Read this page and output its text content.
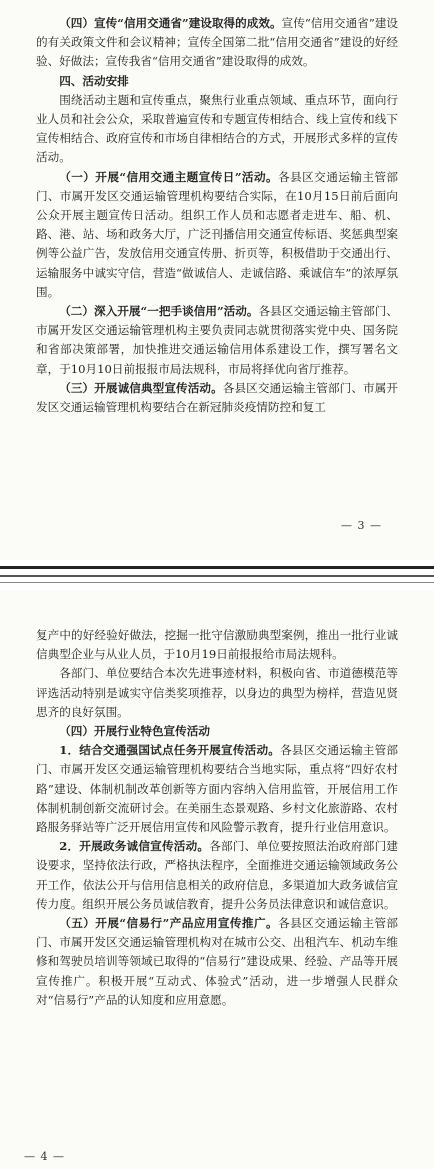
（四）宣传“信用交通省”建设取得的成效。宣传“信用交通省”建设的有关政策文件和会议精神；宣传全国第二批“信用交通省”建设的好经验、好做法；宣传我省“信用交通省”建设取得的成效。

四、活动安排

围绕活动主题和宣传重点，聚焦行业重点领域、重点环节，面向行业人员和社会公众，采取普遍宣传和专题宣传相结合、线上宣传和线下宣传相结合、政府宣传和市场自律相结合的方式，开展形式多样的宣传活动。

（一）开展“信用交通主题宣传日”活动。各县区交通运输主管部门、市属开发区交通运输管理机构要结合实际，在10月15日前后面向公众开展主题宣传日活动。组织工作人员和志愿者走进车、船、机、路、港、站、场和政务大厅，广泛刊播信用交通宣传标语、奖惩典型案例等公益广告，发放信用交通宣传册、折页等，积极借助于交通出行、运输服务中诚实守信，营造“做诚信人、走诚信路、乘诚信车”的浓厚氛围。

（二）深入开展“一把手谈信用”活动。各县区交通运输主管部门、市属开发区交通运输管理机构主要负责同志就贯彻落实党中央、国务院和省部决策部署，加快推进交通运输信用体系建设工作，撰写署名文章，于10月10日前报报市局法规科，市局将择优向省厅推荐。

（三）开展诚信典型宣传活动。各县区交通运输主管部门、市属开发区交通运输管理机构要结合在新冠肺炎疫情防控和复工

— 3 —

复产中的好经验好做法，挖掘一批守信激励典型案例，推出一批行业诚信典型企业与从业人员，于10月19日前报报给市局法规科。

各部门、单位要结合本次先进事迹材料，积极向省、市道德模范等评选活动特别是诚实守信类奖项推荐，以身边的典型为榜样，营造见贤思齐的良好氛围。

（四）开展行业特色宣传活动

1．结合交通强国试点任务开展宣传活动。各县区交通运输主管部门、市属开发区交通运输管理机构要结合当地实际，重点将“四好农村路”建设、体制机制改革创新等方面内容纳入信用监管，开展信用工作体制机制创新交流研讨会。在美丽生态景观路、乡村文化旅游路、农村路服务驿站等广泛开展信用宣传和风险警示教育，提升行业信用意识。

2．开展政务诚信宣传活动。各部门、单位要按照法治政府部门建设要求，坚持依法行政，严格执法程序，全面推进交通运输领域政务公开工作，依法公开与信用信息相关的政府信息，多渠道加大政务诚信宣传力度。组织开展公务员诚信教育，提升公务员法律意识和诚信意识。

（五）开展“信易行”产品应用宣传推广。各县区交通运输主管部门、市属开发区交通运输管理机构对在城市公交、出租汽车、机动车维修和驾驶员培训等领域已取得的“信易行”建设成果、经验、产品等开展宣传推广。积极开展“互动式、体验式”活动，进一步增强人民群众对“信易行”产品的认知度和应用意愿。

— 4 —
